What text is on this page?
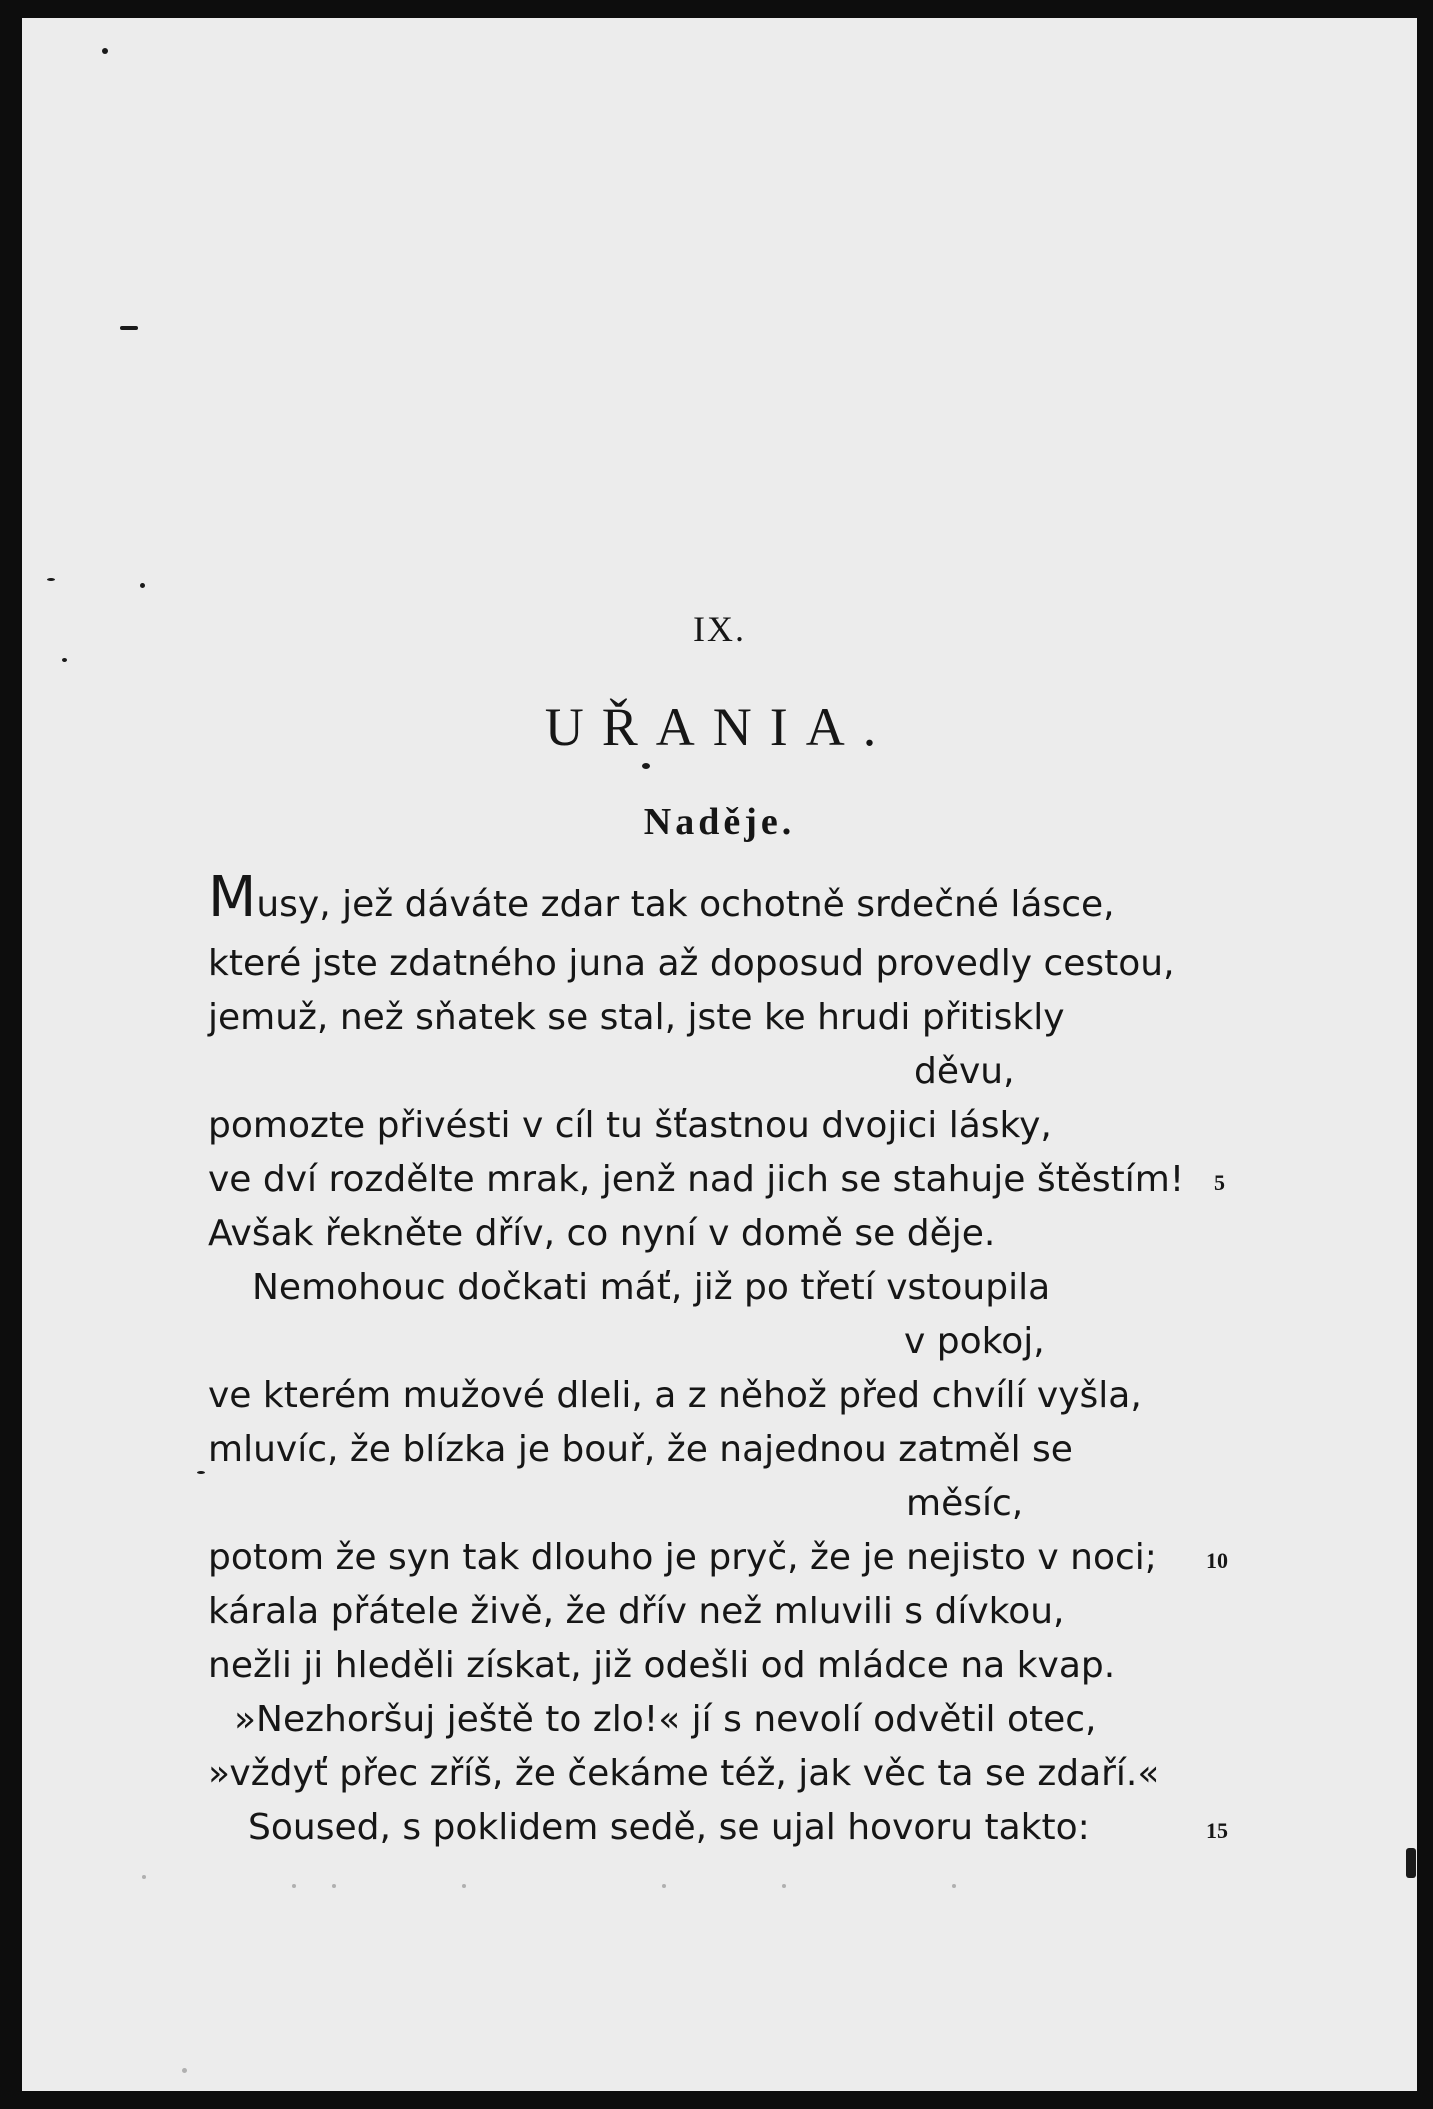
IX.
UŘANIA.
Naděje.
Musy, jež dáváte zdar tak ochotně srdečné lásce,
které jste zdatného juna až doposud provedly cestou,
jemuž, než sňatek se stal, jste ke hrudi přitiskly
děvu,
pomozte přivésti v cíl tu šťastnou dvojici lásky,
ve dví rozdělte mrak, jenž nad jich se stahuje štěstím! 5
Avšak řekněte dřív, co nyní v domě se děje.
Nemohouc dočkati máť, již po třetí vstoupila
v pokoj,
ve kterém mužové dleli, a z něhož před chvílí vyšla,
mluvíc, že blízka je bouř, že najednou zatměl se
měsíc,
potom že syn tak dlouho je pryč, že je nejisto v noci; 10
kárala přátele živě, že dřív než mluvili s dívkou,
nežli ji hleděli získat, již odešli od mládce na kvap.
»Nezhoršuj ještě to zlo!« jí s nevolí odvětil otec,
»vždyť přec zříš, že čekáme též, jak věc ta se zdaří.«
Soused, s poklidem sedě, se ujal hovoru takto:	15
